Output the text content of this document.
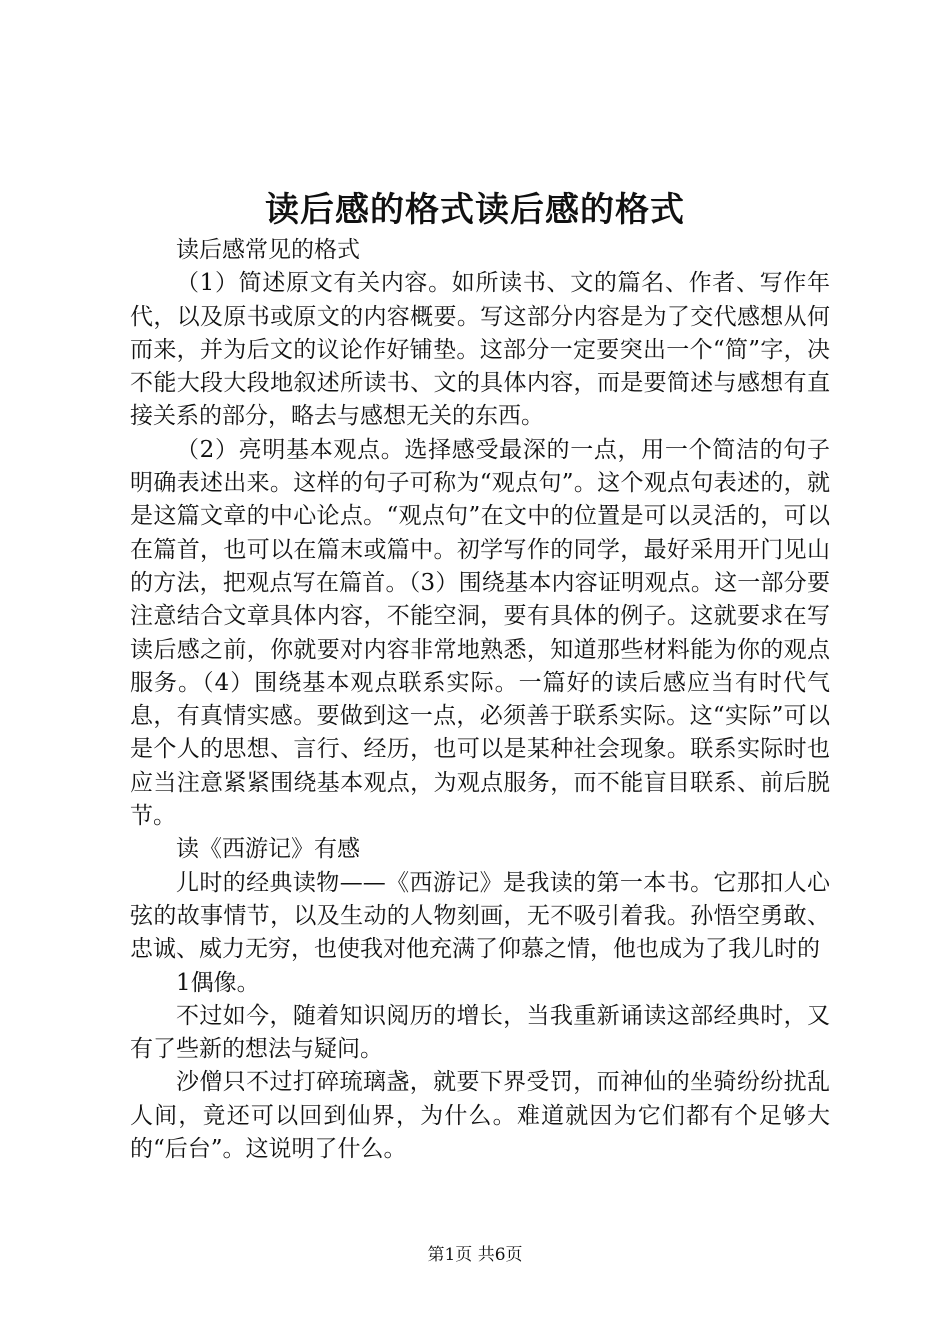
读后感的格式读后感的格式

读后感常见的格式

（1）简述原文有关内容。如所读书、文的篇名、作者、写作年代，以及原书或原文的内容概要。写这部分内容是为了交代感想从何而来，并为后文的议论作好铺垫。这部分一定要突出一个“简”字，决不能大段大段地叙述所读书、文的具体内容，而是要简述与感想有直接关系的部分，略去与感想无关的东西。

（2）亮明基本观点。选择感受最深的一点，用一个简洁的句子明确表述出来。这样的句子可称为“观点句”。这个观点句表述的，就是这篇文章的中心论点。“观点句”在文中的位置是可以灵活的，可以在篇首，也可以在篇末或篇中。初学写作的同学，最好采用开门见山的方法，把观点写在篇首。（3）围绕基本内容证明观点。这一部分要注意结合文章具体内容，不能空洞，要有具体的例子。这就要求在写读后感之前，你就要对内容非常地熟悉，知道那些材料能为你的观点服务。（4）围绕基本观点联系实际。一篇好的读后感应当有时代气息，有真情实感。要做到这一点，必须善于联系实际。这“实际”可以是个人的思想、言行、经历，也可以是某种社会现象。联系实际时也应当注意紧紧围绕基本观点，为观点服务，而不能盲目联系、前后脱节。

读《西游记》有感

儿时的经典读物——《西游记》是我读的第一本书。它那扣人心弦的故事情节，以及生动的人物刻画，无不吸引着我。孙悟空勇敢、忠诚、威力无穷，也使我对他充满了仰慕之情，他也成为了我儿时的

1偶像。

不过如今，随着知识阅历的增长，当我重新诵读这部经典时，又有了些新的想法与疑问。

沙僧只不过打碎琉璃盏，就要下界受罚，而神仙的坐骑纷纷扰乱人间，竟还可以回到仙界，为什么。难道就因为它们都有个足够大的“后台”。这说明了什么。

第1页 共6页
